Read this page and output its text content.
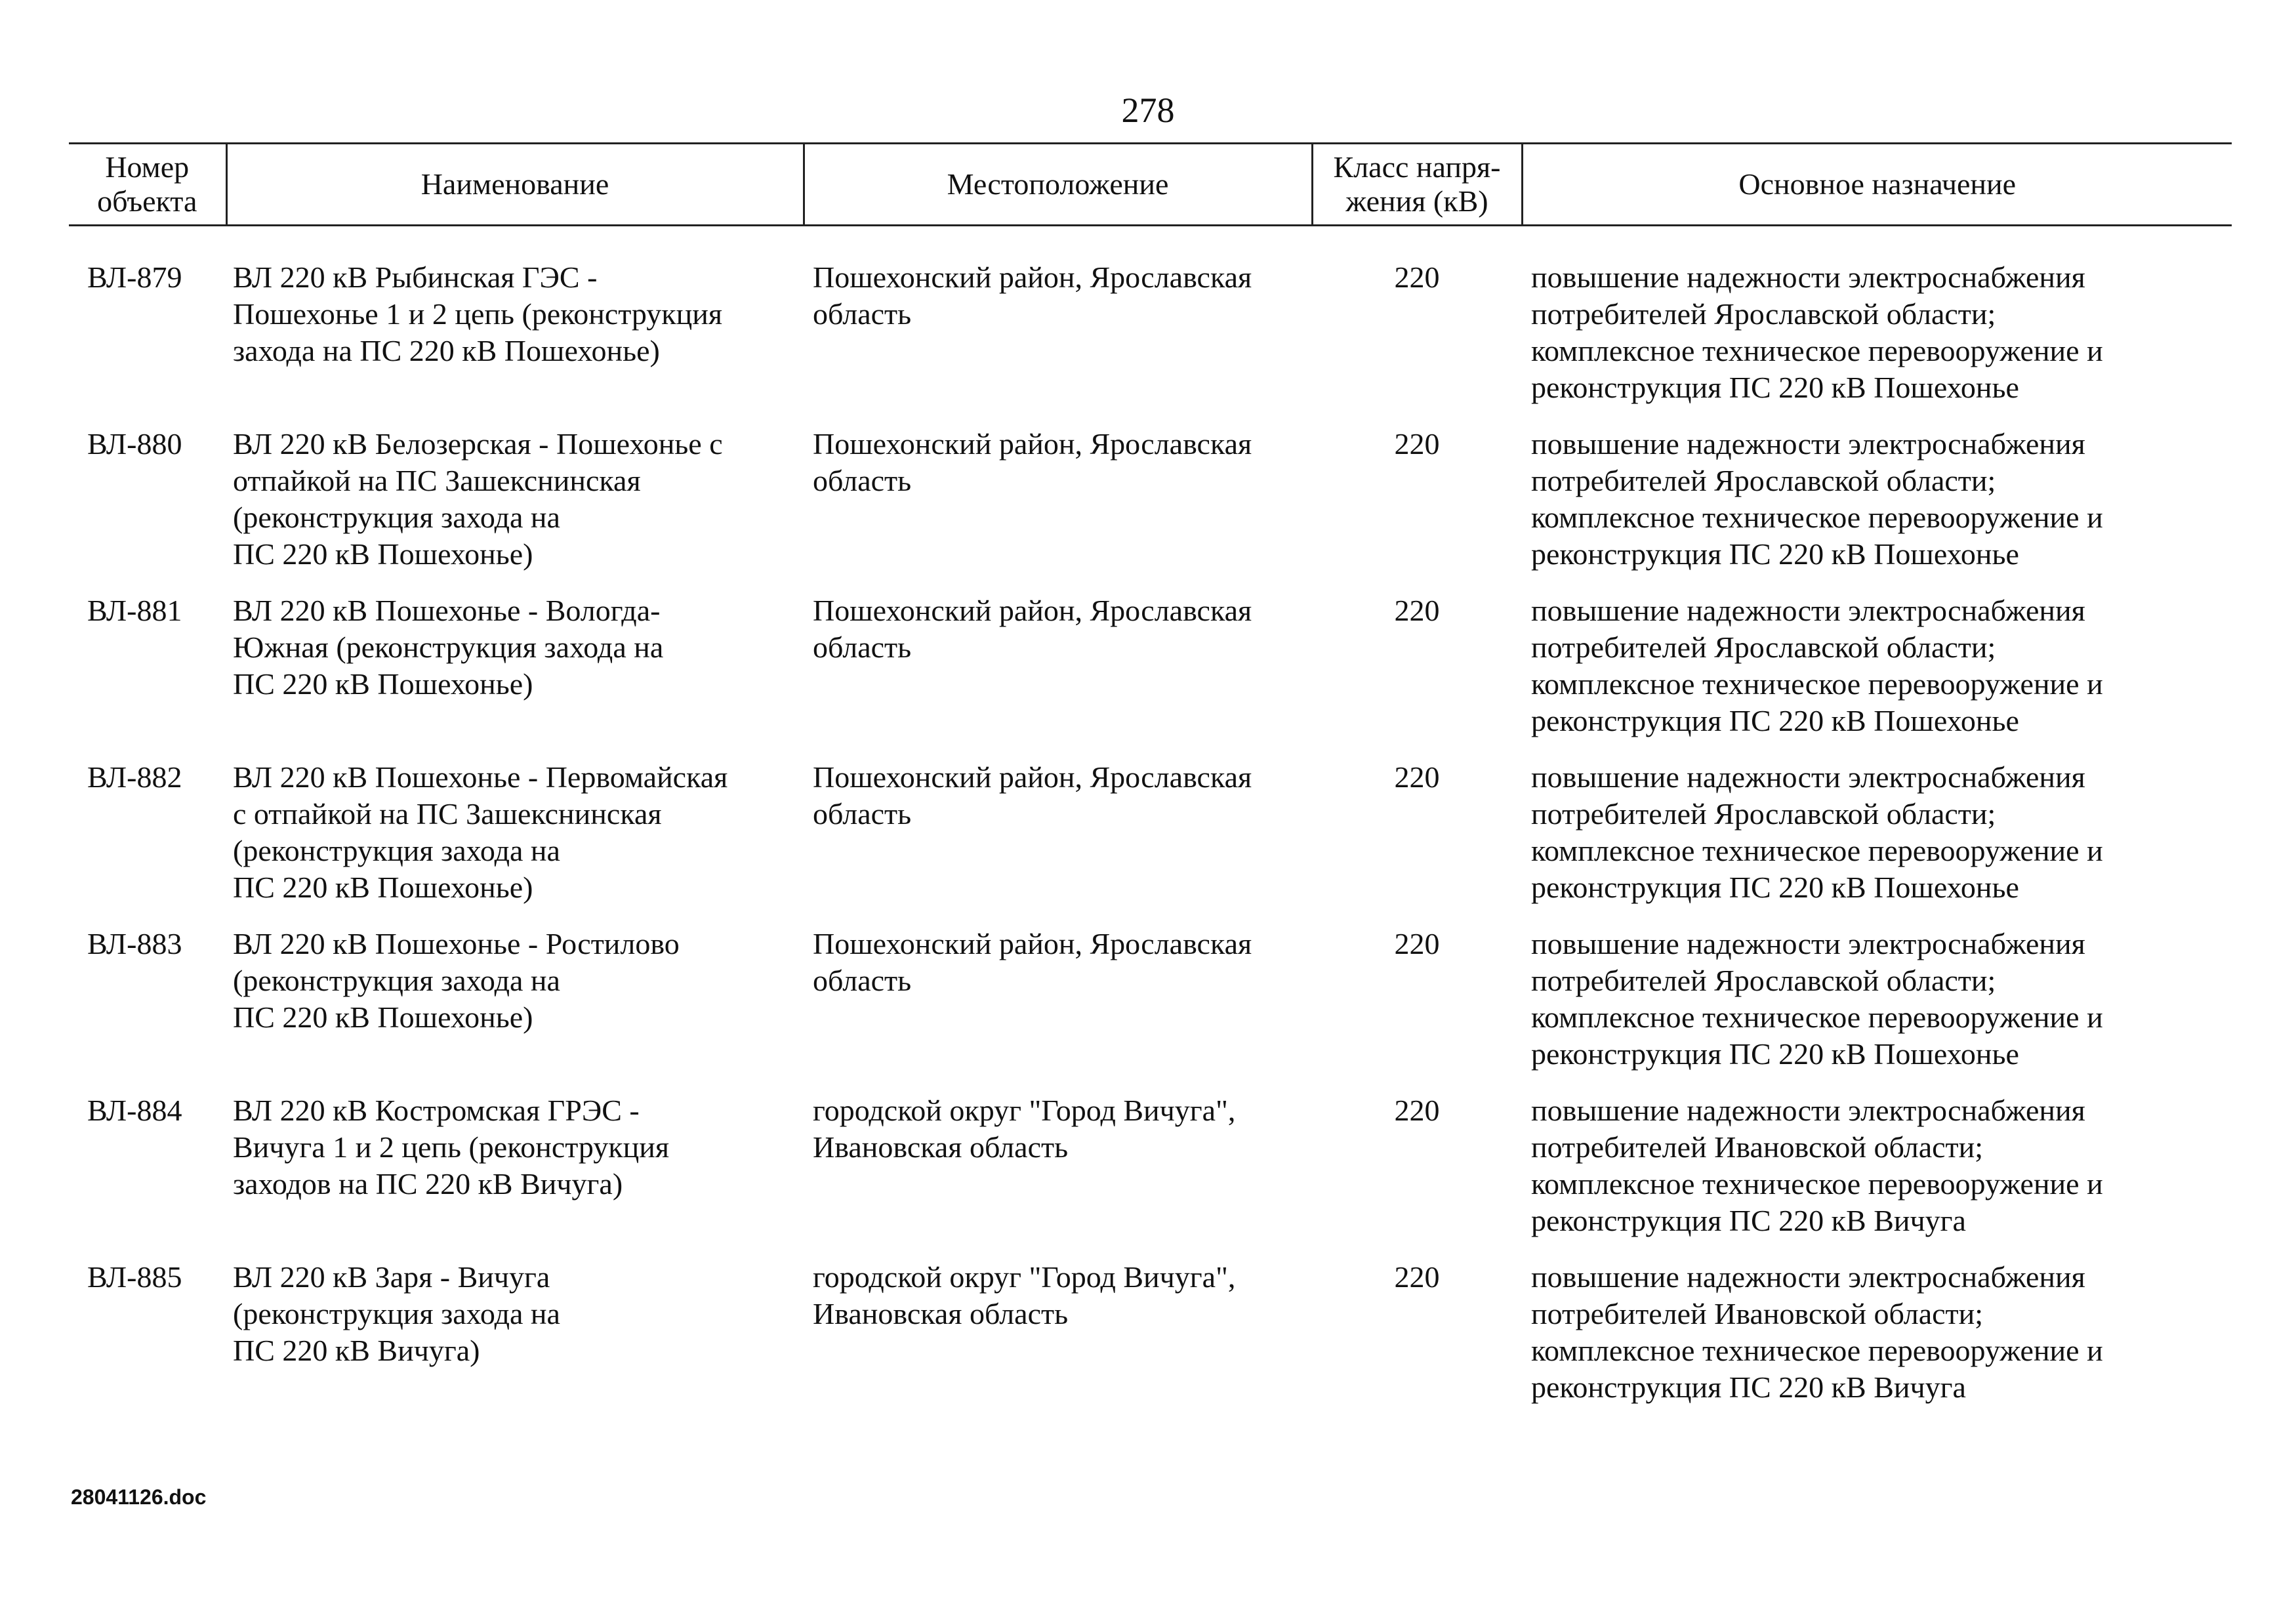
278
Номер
объекта	Наименование	Местоположение	Класс напря-
жения (кВ)	Основное назначение

ВЛ-879	ВЛ 220 кВ Рыбинская ГЭС -
Пошехонье 1 и 2 цепь (реконструкция
захода на ПС 220 кВ Пошехонье)	Пошехонский район, Ярославская
область	220	повышение надежности электроснабжения
потребителей Ярославской области;
комплексное техническое перевооружение и
реконструкция ПС 220 кВ Пошехонье
ВЛ-880	ВЛ 220 кВ Белозерская - Пошехонье с
отпайкой на ПС Зашекснинская
(реконструкция захода на
ПС 220 кВ Пошехонье)	Пошехонский район, Ярославская
область	220	повышение надежности электроснабжения
потребителей Ярославской области;
комплексное техническое перевооружение и
реконструкция ПС 220 кВ Пошехонье
ВЛ-881	ВЛ 220 кВ Пошехонье - Вологда-
Южная (реконструкция захода на
ПС 220 кВ Пошехонье)	Пошехонский район, Ярославская
область	220	повышение надежности электроснабжения
потребителей Ярославской области;
комплексное техническое перевооружение и
реконструкция ПС 220 кВ Пошехонье
ВЛ-882	ВЛ 220 кВ Пошехонье - Первомайская
с отпайкой на ПС Зашекснинская
(реконструкция захода на
ПС 220 кВ Пошехонье)	Пошехонский район, Ярославская
область	220	повышение надежности электроснабжения
потребителей Ярославской области;
комплексное техническое перевооружение и
реконструкция ПС 220 кВ Пошехонье
ВЛ-883	ВЛ 220 кВ Пошехонье - Ростилово
(реконструкция захода на
ПС 220 кВ Пошехонье)	Пошехонский район, Ярославская
область	220	повышение надежности электроснабжения
потребителей Ярославской области;
комплексное техническое перевооружение и
реконструкция ПС 220 кВ Пошехонье
ВЛ-884	ВЛ 220 кВ Костромская ГРЭС -
Вичуга 1 и 2 цепь (реконструкция
заходов на ПС 220 кВ Вичуга)	городской округ "Город Вичуга",
Ивановская область	220	повышение надежности электроснабжения
потребителей Ивановской области;
комплексное техническое перевооружение и
реконструкция ПС 220 кВ Вичуга
ВЛ-885	ВЛ 220 кВ Заря - Вичуга
(реконструкция захода на
ПС 220 кВ Вичуга)	городской округ "Город Вичуга",
Ивановская область	220	повышение надежности электроснабжения
потребителей Ивановской области;
комплексное техническое перевооружение и
реконструкция ПС 220 кВ Вичуга
28041126.doc
